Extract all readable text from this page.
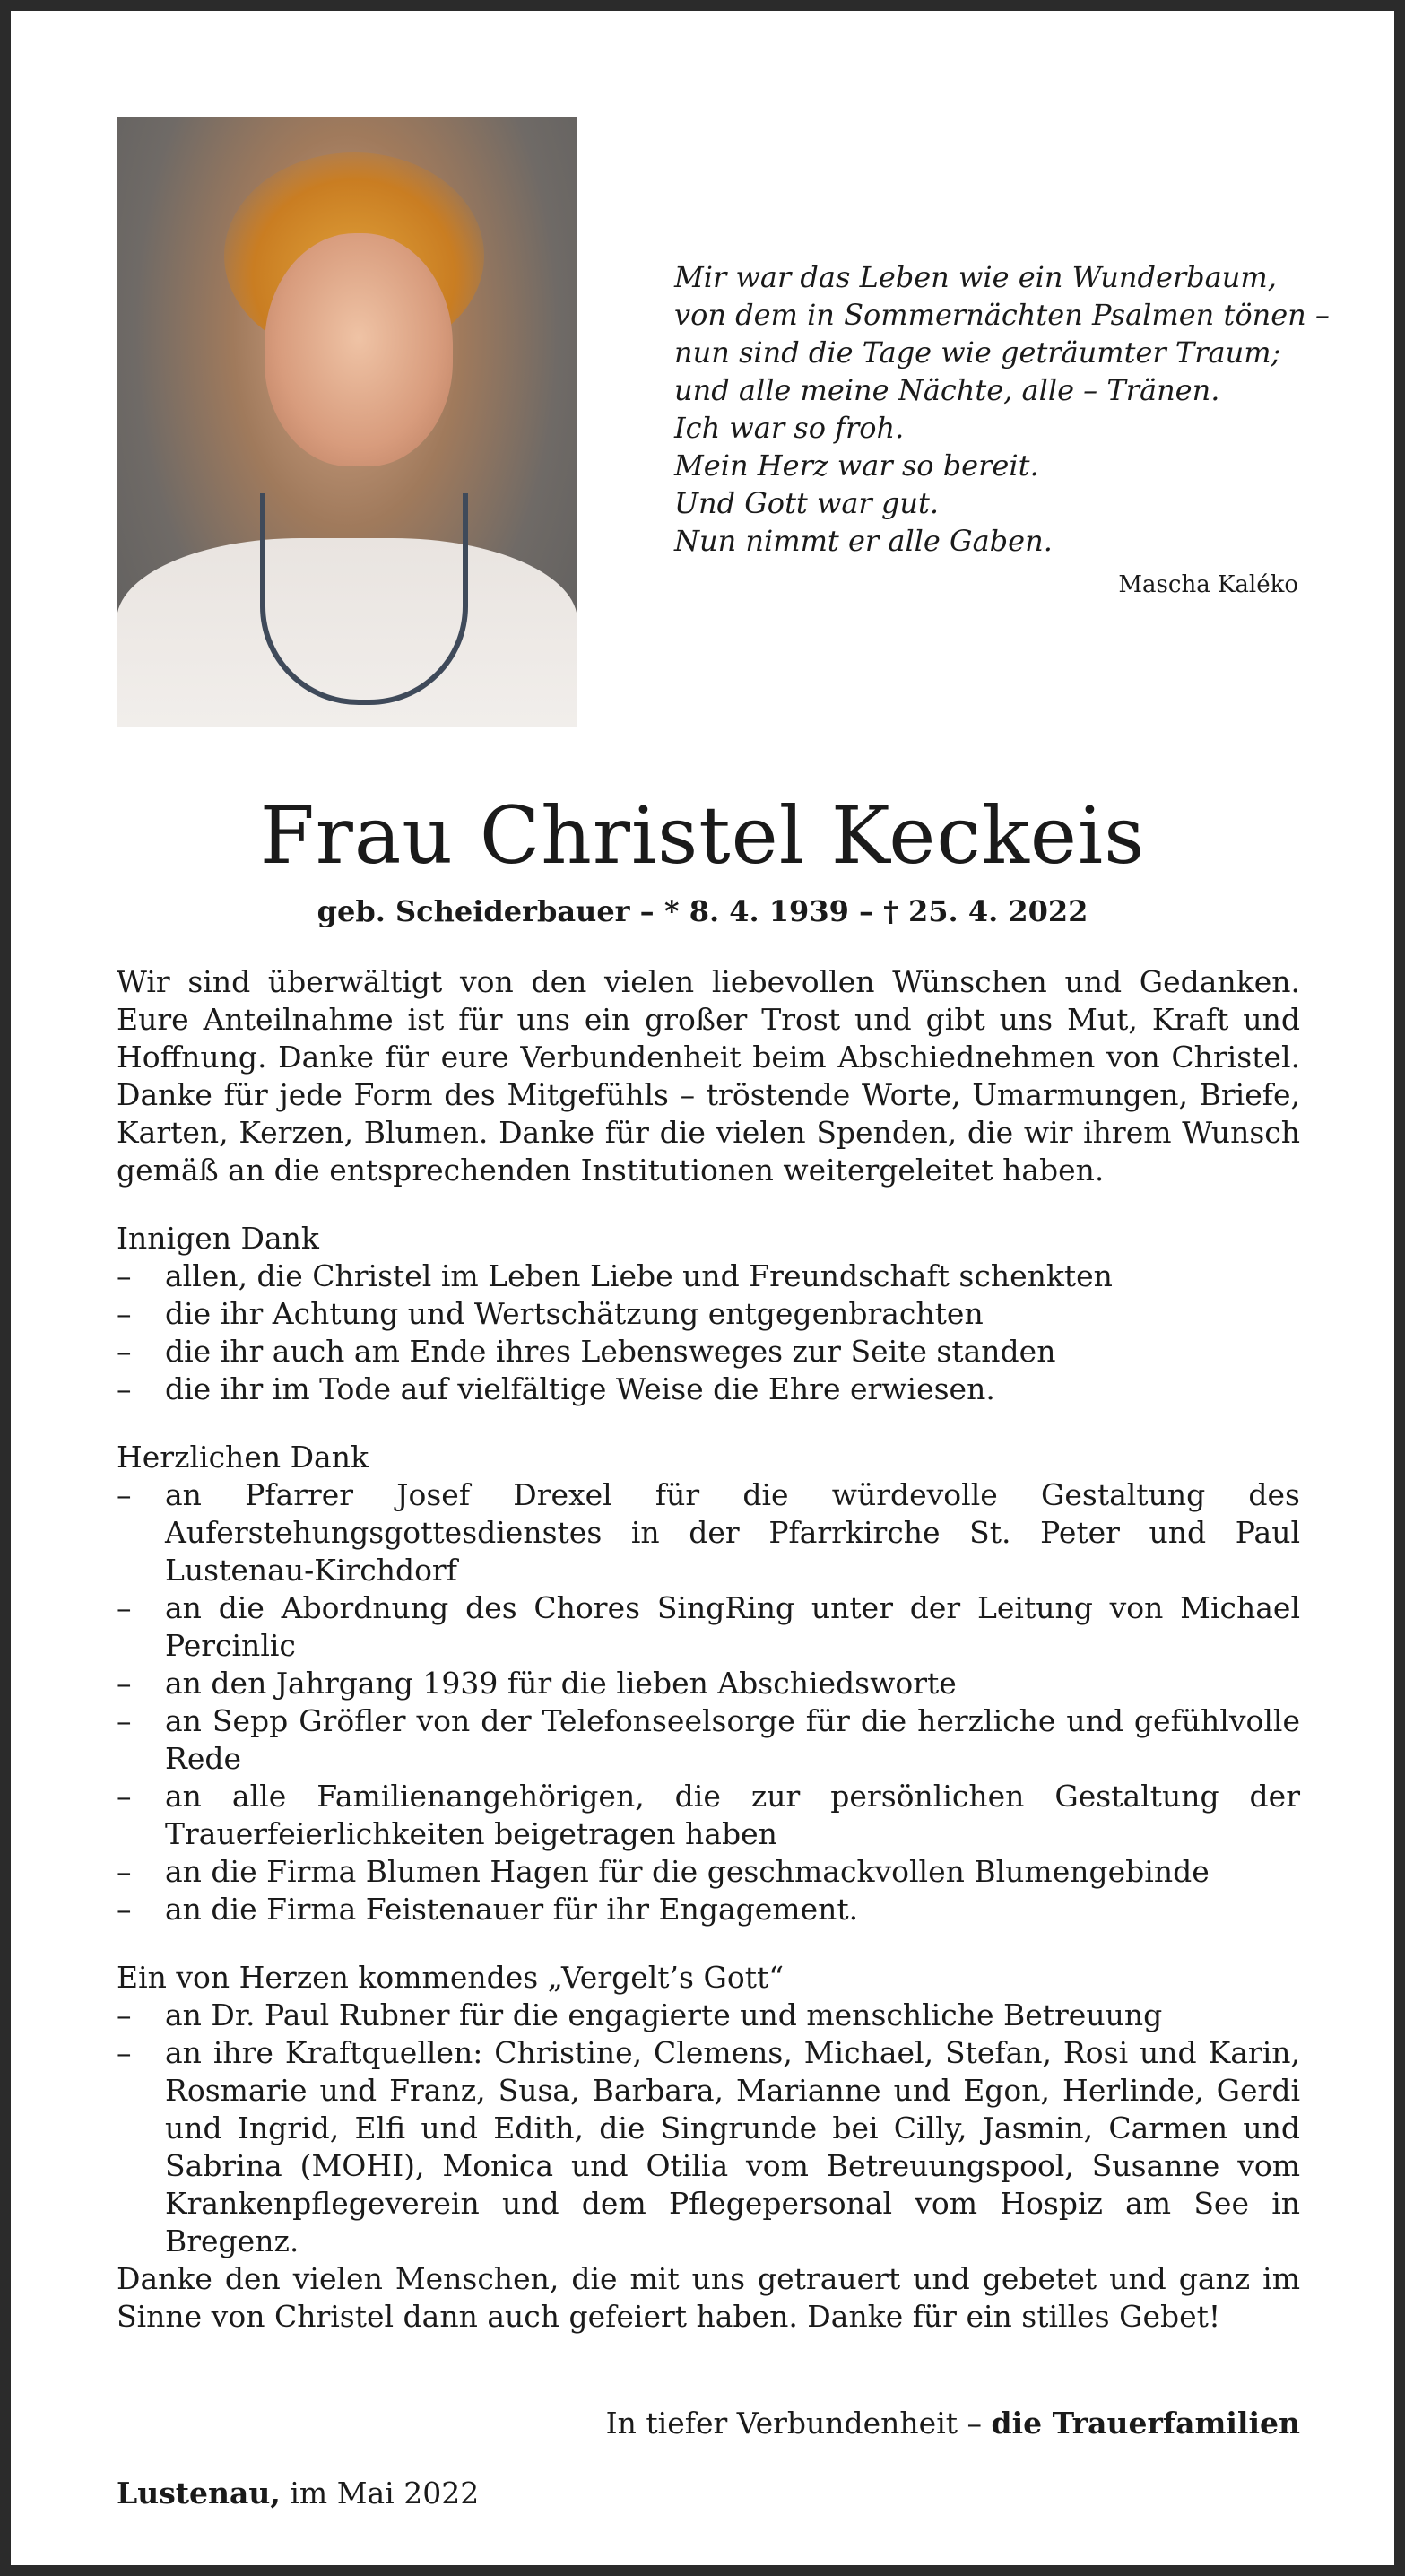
Mir war das Leben wie ein Wunderbaum,
von dem in Sommernächten Psalmen tönen –
nun sind die Tage wie geträumter Traum;
und alle meine Nächte, alle – Tränen.
Ich war so froh.
Mein Herz war so bereit.
Und Gott war gut.
Nun nimmt er alle Gaben.
Mascha Kaléko
Frau Christel Keckeis
geb. Scheiderbauer – * 8. 4. 1939 – † 25. 4. 2022

Wir sind überwältigt von den vielen liebevollen Wünschen und Gedanken. Eure Anteilnahme ist für uns ein großer Trost und gibt uns Mut, Kraft und Hoffnung. Danke für eure Verbundenheit beim Abschiednehmen von Christel. Danke für jede Form des Mitgefühls – tröstende Worte, Umarmungen, Briefe, Karten, Kerzen, Blumen. Danke für die vielen Spenden, die wir ihrem Wunsch gemäß an die entsprechenden Institutionen weitergeleitet haben.

Innigen Dank
– allen, die Christel im Leben Liebe und Freundschaft schenkten
– die ihr Achtung und Wertschätzung entgegenbrachten
– die ihr auch am Ende ihres Lebensweges zur Seite standen
– die ihr im Tode auf vielfältige Weise die Ehre erwiesen.
Herzlichen Dank
– an Pfarrer Josef Drexel für die würdevolle Gestaltung des Auferstehungsgottesdienstes in der Pfarrkirche St. Peter und Paul Lustenau-Kirchdorf
– an die Abordnung des Chores SingRing unter der Leitung von Michael Percinlic
– an den Jahrgang 1939 für die lieben Abschiedsworte
– an Sepp Gröfler von der Telefonseelsorge für die herzliche und gefühlvolle Rede
– an alle Familienangehörigen, die zur persönlichen Gestaltung der Trauerfeierlichkeiten beigetragen haben
– an die Firma Blumen Hagen für die geschmackvollen Blumengebinde
– an die Firma Feistenauer für ihr Engagement.
Ein von Herzen kommendes „Vergelt’s Gott“
– an Dr. Paul Rubner für die engagierte und menschliche Betreuung
– an ihre Kraftquellen: Christine, Clemens, Michael, Stefan, Rosi und Karin, Rosmarie und Franz, Susa, Barbara, Marianne und Egon, Herlinde, Gerdi und Ingrid, Elfi und Edith, die Singrunde bei Cilly, Jasmin, Carmen und Sabrina (MOHI), Monica und Otilia vom Betreuungspool, Susanne vom Krankenpflegeverein und dem Pflegepersonal vom Hospiz am See in Bregenz.

Danke den vielen Menschen, die mit uns getrauert und gebetet und ganz im Sinne von Christel dann auch gefeiert haben. Danke für ein stilles Gebet!

In tiefer Verbundenheit – die Trauerfamilien
Lustenau, im Mai 2022
